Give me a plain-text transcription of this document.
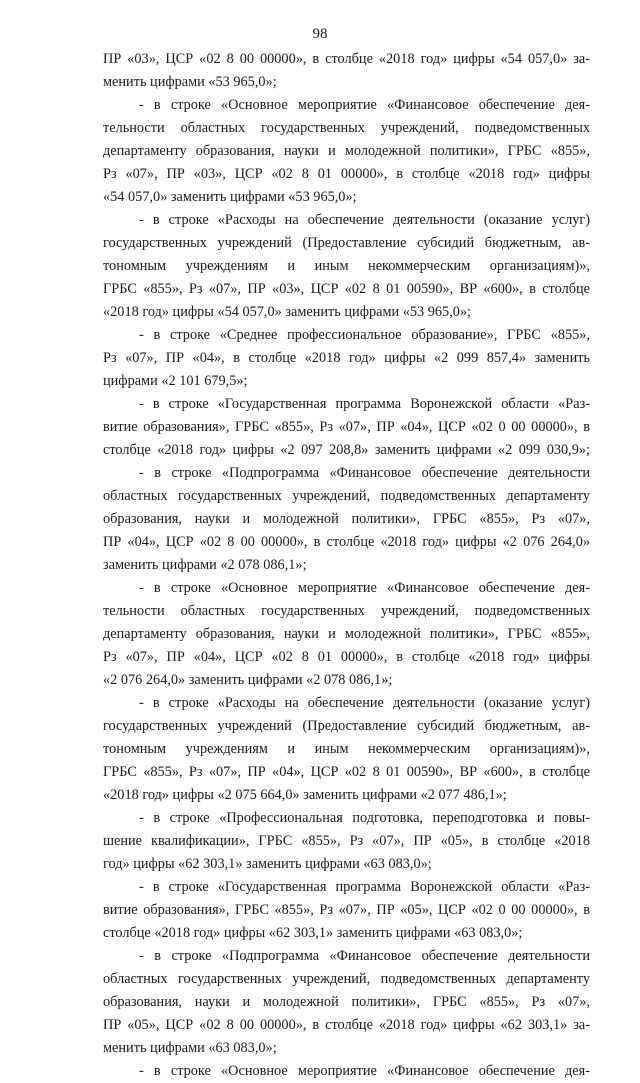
98
ПР «03», ЦСР «02 8 00 00000», в столбце «2018 год» цифры «54 057,0» за-
менить цифрами «53 965,0»;
- в строке «Основное мероприятие «Финансовое обеспечение дея-
тельности областных государственных учреждений, подведомственных
департаменту образования, науки и молодежной политики», ГРБС «855»,
Рз «07», ПР «03», ЦСР «02 8 01 00000», в столбце «2018 год» цифры
«54 057,0» заменить цифрами «53 965,0»;
- в строке «Расходы на обеспечение деятельности (оказание услуг)
государственных учреждений (Предоставление субсидий бюджетным, ав-
тономным учреждениям и иным некоммерческим организациям)»,
ГРБС «855», Рз «07», ПР «03», ЦСР «02 8 01 00590», ВР «600», в столбце
«2018 год» цифры «54 057,0» заменить цифрами «53 965,0»;
- в строке «Среднее профессиональное образование», ГРБС «855»,
Рз «07», ПР «04», в столбце «2018 год» цифры «2 099 857,4» заменить
цифрами «2 101 679,5»;
- в строке «Государственная программа Воронежской области «Раз-
витие образования», ГРБС «855», Рз «07», ПР «04», ЦСР «02 0 00 00000», в
столбце «2018 год» цифры «2 097 208,8» заменить цифрами «2 099 030,9»;
- в строке «Подпрограмма «Финансовое обеспечение деятельности
областных государственных учреждений, подведомственных департаменту
образования, науки и молодежной политики», ГРБС «855», Рз «07»,
ПР «04», ЦСР «02 8 00 00000», в столбце «2018 год» цифры «2 076 264,0»
заменить цифрами «2 078 086,1»;
- в строке «Основное мероприятие «Финансовое обеспечение дея-
тельности областных государственных учреждений, подведомственных
департаменту образования, науки и молодежной политики», ГРБС «855»,
Рз «07», ПР «04», ЦСР «02 8 01 00000», в столбце «2018 год» цифры
«2 076 264,0» заменить цифрами «2 078 086,1»;
- в строке «Расходы на обеспечение деятельности (оказание услуг)
государственных учреждений (Предоставление субсидий бюджетным, ав-
тономным учреждениям и иным некоммерческим организациям)»,
ГРБС «855», Рз «07», ПР «04», ЦСР «02 8 01 00590», ВР «600», в столбце
«2018 год» цифры «2 075 664,0» заменить цифрами «2 077 486,1»;
- в строке «Профессиональная подготовка, переподготовка и повы-
шение квалификации», ГРБС «855», Рз «07», ПР «05», в столбце «2018
год» цифры «62 303,1» заменить цифрами «63 083,0»;
- в строке «Государственная программа Воронежской области «Раз-
витие образования», ГРБС «855», Рз «07», ПР «05», ЦСР «02 0 00 00000», в
столбце «2018 год» цифры «62 303,1» заменить цифрами «63 083,0»;
- в строке «Подпрограмма «Финансовое обеспечение деятельности
областных государственных учреждений, подведомственных департаменту
образования, науки и молодежной политики», ГРБС «855», Рз «07»,
ПР «05», ЦСР «02 8 00 00000», в столбце «2018 год» цифры «62 303,1» за-
менить цифрами «63 083,0»;
- в строке «Основное мероприятие «Финансовое обеспечение дея-
